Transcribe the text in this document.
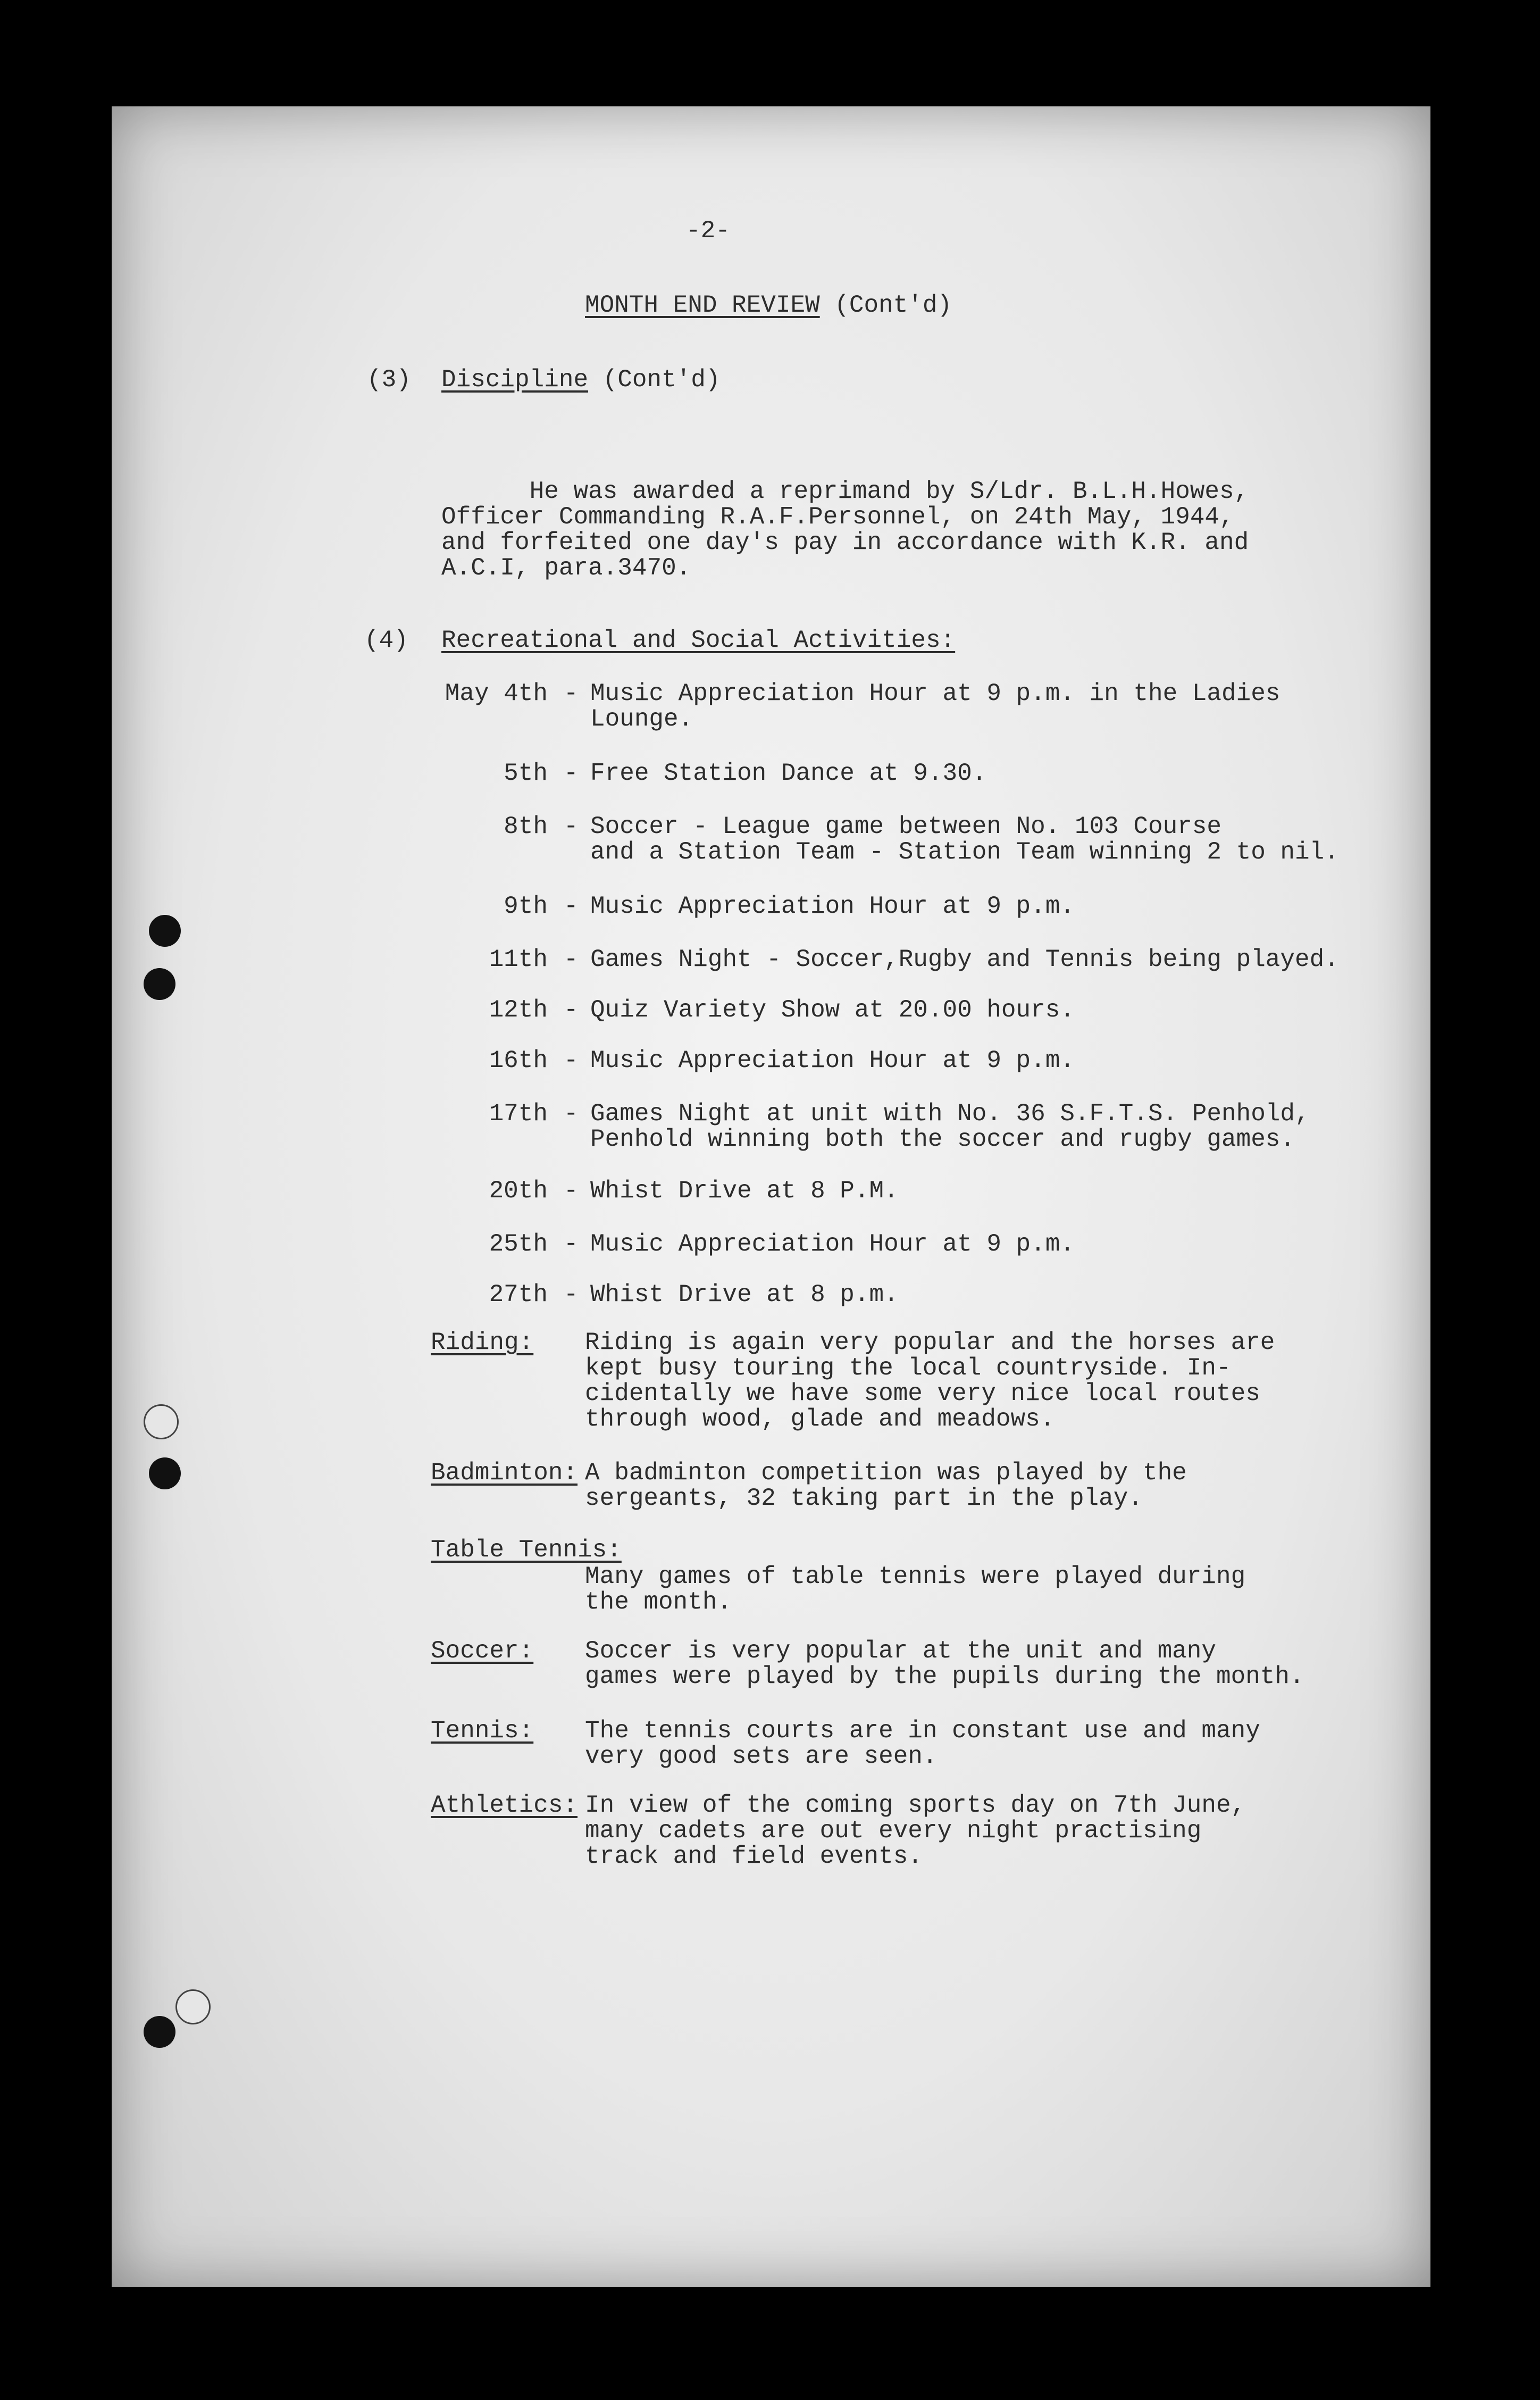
-2-
MONTH END REVIEW (Cont'd)
(3) Discipline (Cont'd)
He was awarded a reprimand by S/Ldr. B.L.H.Howes,
Officer Commanding R.A.F.Personnel, on 24th May, 1944,
and forfeited one day's pay in accordance with K.R. and
A.C.I, para.3470.
(4) Recreational and Social Activities:
May 4th - Music Appreciation Hour at 9 p.m. in the Ladies
Lounge.
5th - Free Station Dance at 9.30.
8th - Soccer - League game between No. 103 Course
and a Station Team - Station Team winning 2 to nil.
9th - Music Appreciation Hour at 9 p.m.
11th - Games Night - Soccer,Rugby and Tennis being played.
12th - Quiz Variety Show at 20.00 hours.
16th - Music Appreciation Hour at 9 p.m.
17th - Games Night at unit with No. 36 S.F.T.S. Penhold,
Penhold winning both the soccer and rugby games.
20th - Whist Drive at 8 P.M.
25th - Music Appreciation Hour at 9 p.m.
27th - Whist Drive at 8 p.m.
Riding: Riding is again very popular and the horses are
kept busy touring the local countryside. In-
cidentally we have some very nice local routes
through wood, glade and meadows.
Badminton: A badminton competition was played by the
sergeants, 32 taking part in the play.
Table Tennis:
Many games of table tennis were played during
the month.
Soccer: Soccer is very popular at the unit and many
games were played by the pupils during the month.
Tennis: The tennis courts are in constant use and many
very good sets are seen.
Athletics: In view of the coming sports day on 7th June,
many cadets are out every night practising
track and field events.
